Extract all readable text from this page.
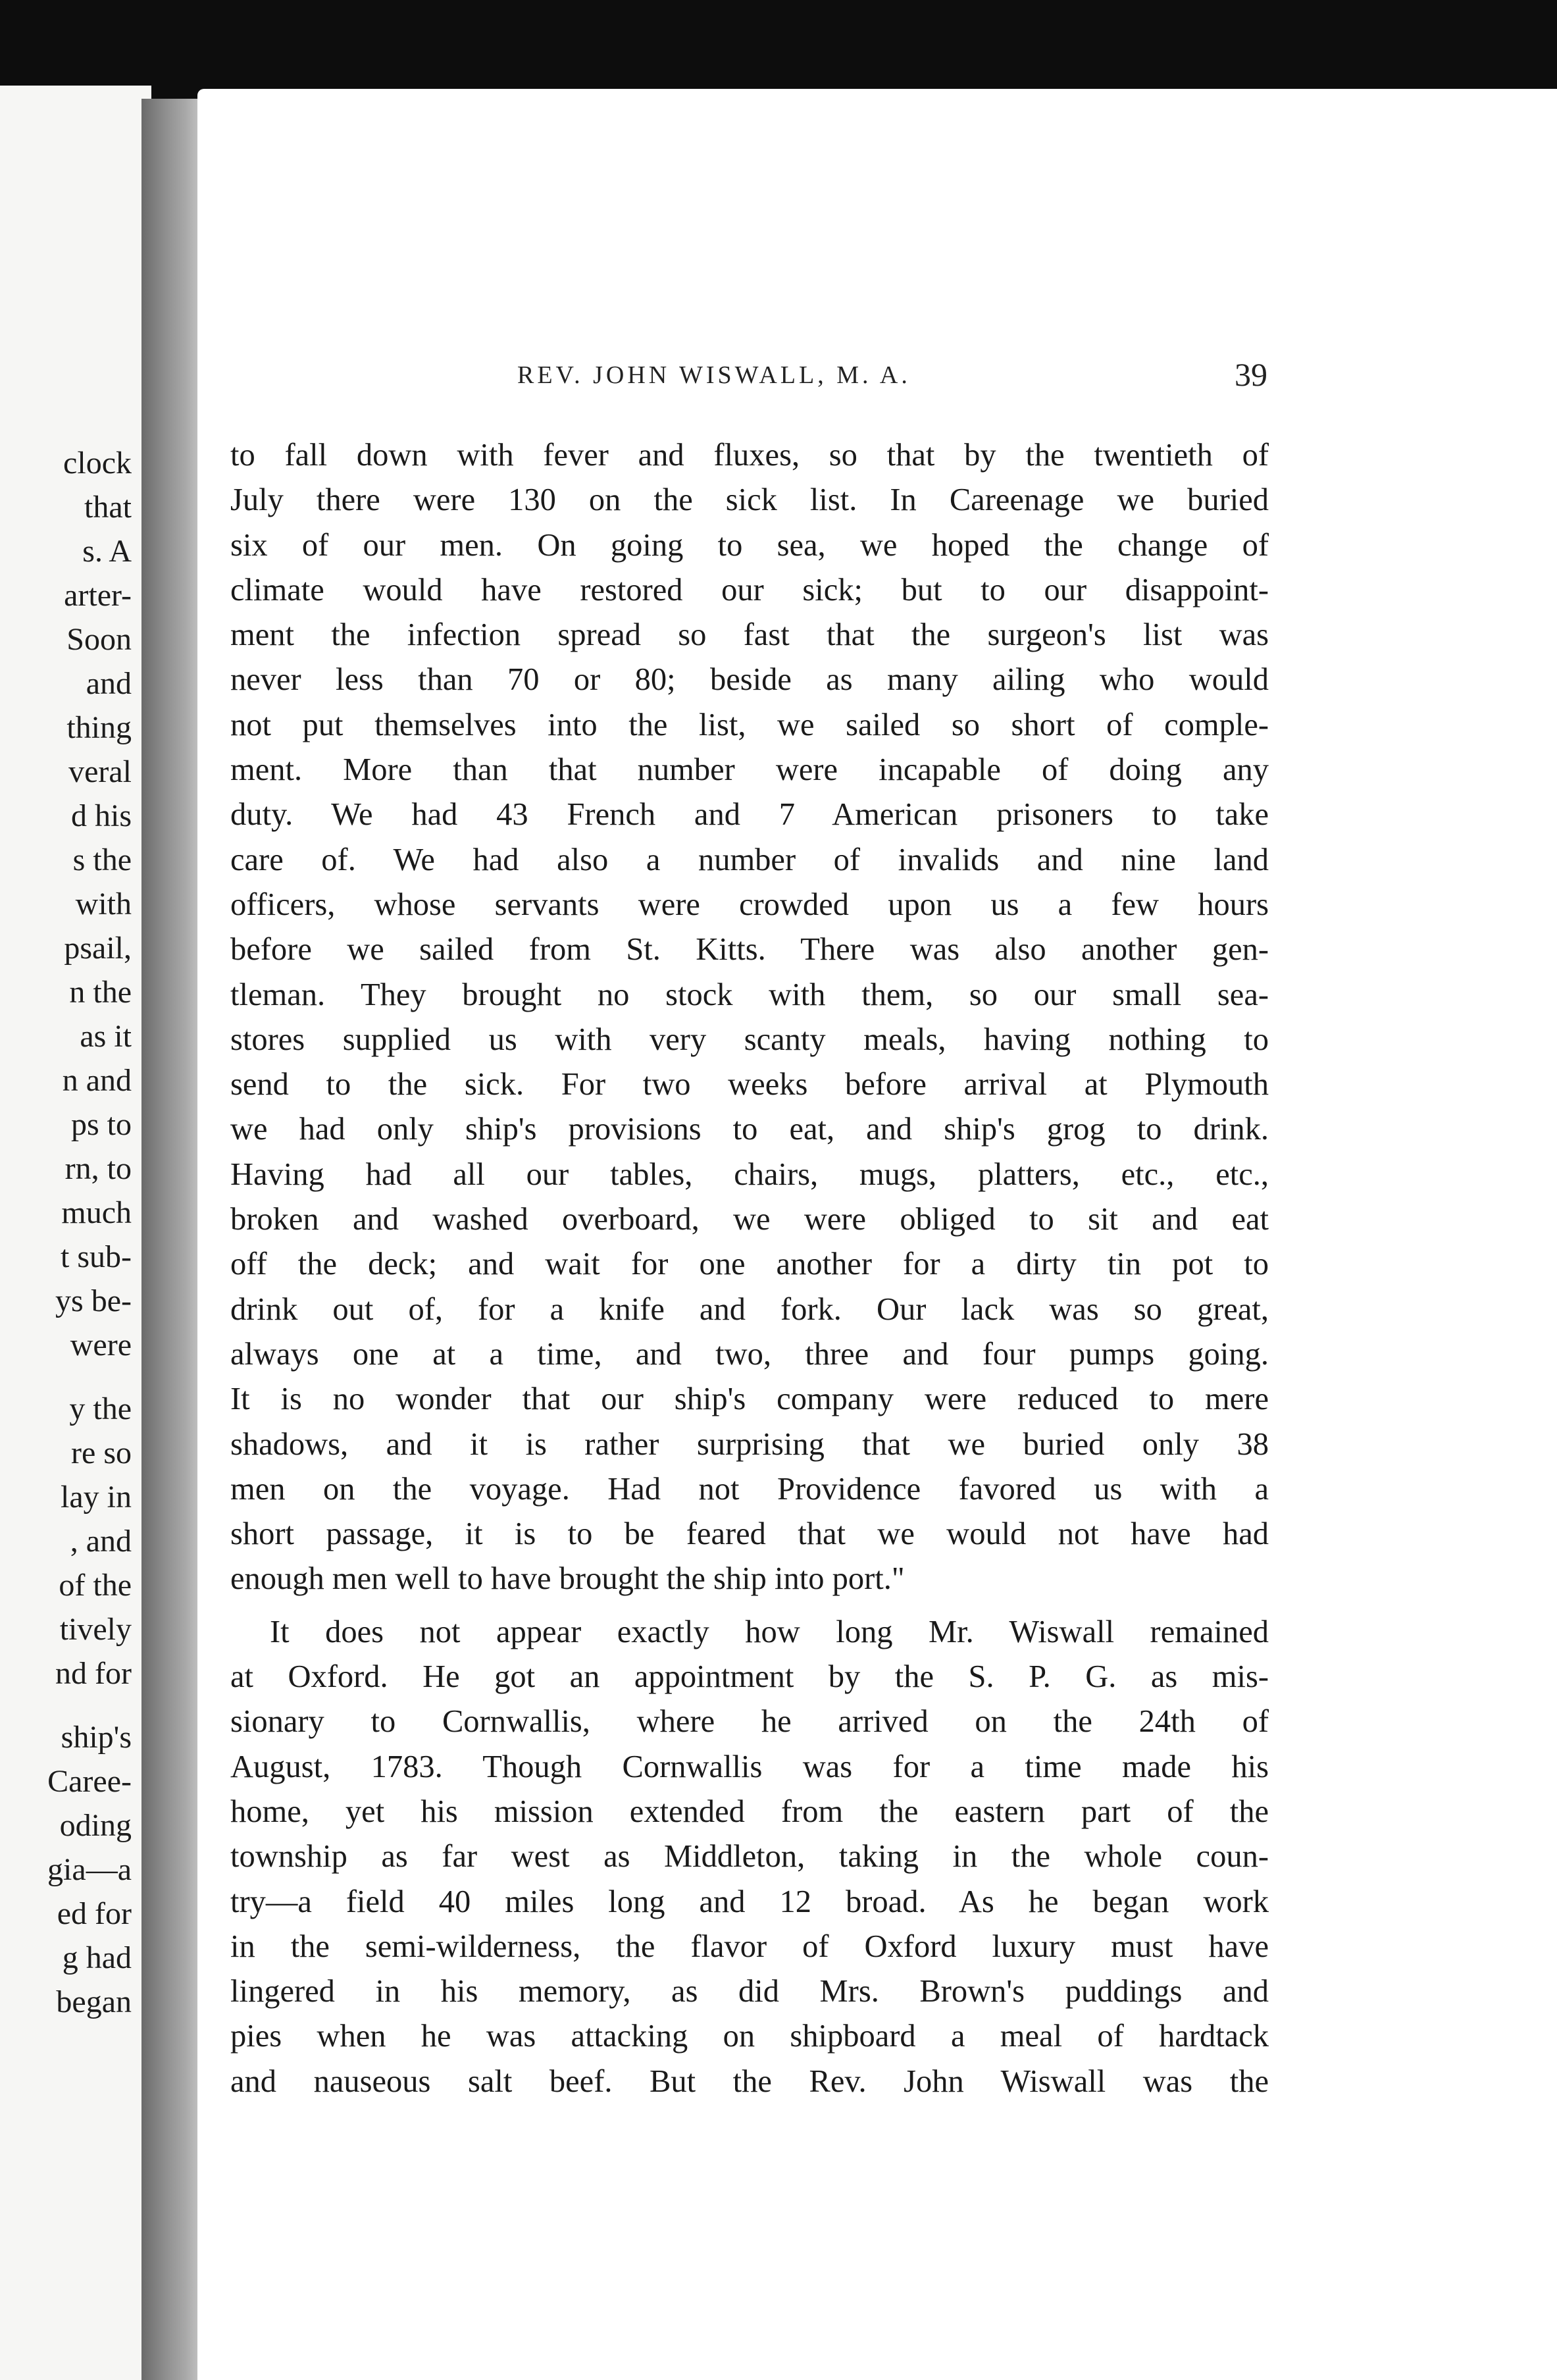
clock
that
s. A
arter-
Soon
and
thing
veral
d his
s the
with
psail,
n the
as it
n and
ps to
rn, to
much
t sub-
ys be-
were
y the
re so
lay in
, and
of the
tively
nd for
ship's
Caree-
oding
gia—a
ed for
g had
began
REV. JOHN WISWALL, M. A.	39
to fall down with fever and fluxes, so that by the twentieth of
July there were 130 on the sick list. In Careenage we buried
six of our men. On going to sea, we hoped the change of
climate would have restored our sick; but to our disappoint-
ment the infection spread so fast that the surgeon's list was
never less than 70 or 80; beside as many ailing who would
not put themselves into the list, we sailed so short of comple-
ment. More than that number were incapable of doing any
duty. We had 43 French and 7 American prisoners to take
care of. We had also a number of invalids and nine land
officers, whose servants were crowded upon us a few hours
before we sailed from St. Kitts. There was also another gen-
tleman. They brought no stock with them, so our small sea-
stores supplied us with very scanty meals, having nothing to
send to the sick. For two weeks before arrival at Plymouth
we had only ship's provisions to eat, and ship's grog to drink.
Having had all our tables, chairs, mugs, platters, etc., etc.,
broken and washed overboard, we were obliged to sit and eat
off the deck; and wait for one another for a dirty tin pot to
drink out of, for a knife and fork. Our lack was so great,
always one at a time, and two, three and four pumps going.
It is no wonder that our ship's company were reduced to mere
shadows, and it is rather surprising that we buried only 38
men on the voyage. Had not Providence favored us with a
short passage, it is to be feared that we would not have had
enough men well to have brought the ship into port."
It does not appear exactly how long Mr. Wiswall remained
at Oxford. He got an appointment by the S. P. G. as mis-
sionary to Cornwallis, where he arrived on the 24th of
August, 1783. Though Cornwallis was for a time made his
home, yet his mission extended from the eastern part of the
township as far west as Middleton, taking in the whole coun-
try—a field 40 miles long and 12 broad. As he began work
in the semi-wilderness, the flavor of Oxford luxury must have
lingered in his memory, as did Mrs. Brown's puddings and
pies when he was attacking on shipboard a meal of hardtack
and nauseous salt beef. But the Rev. John Wiswall was the
